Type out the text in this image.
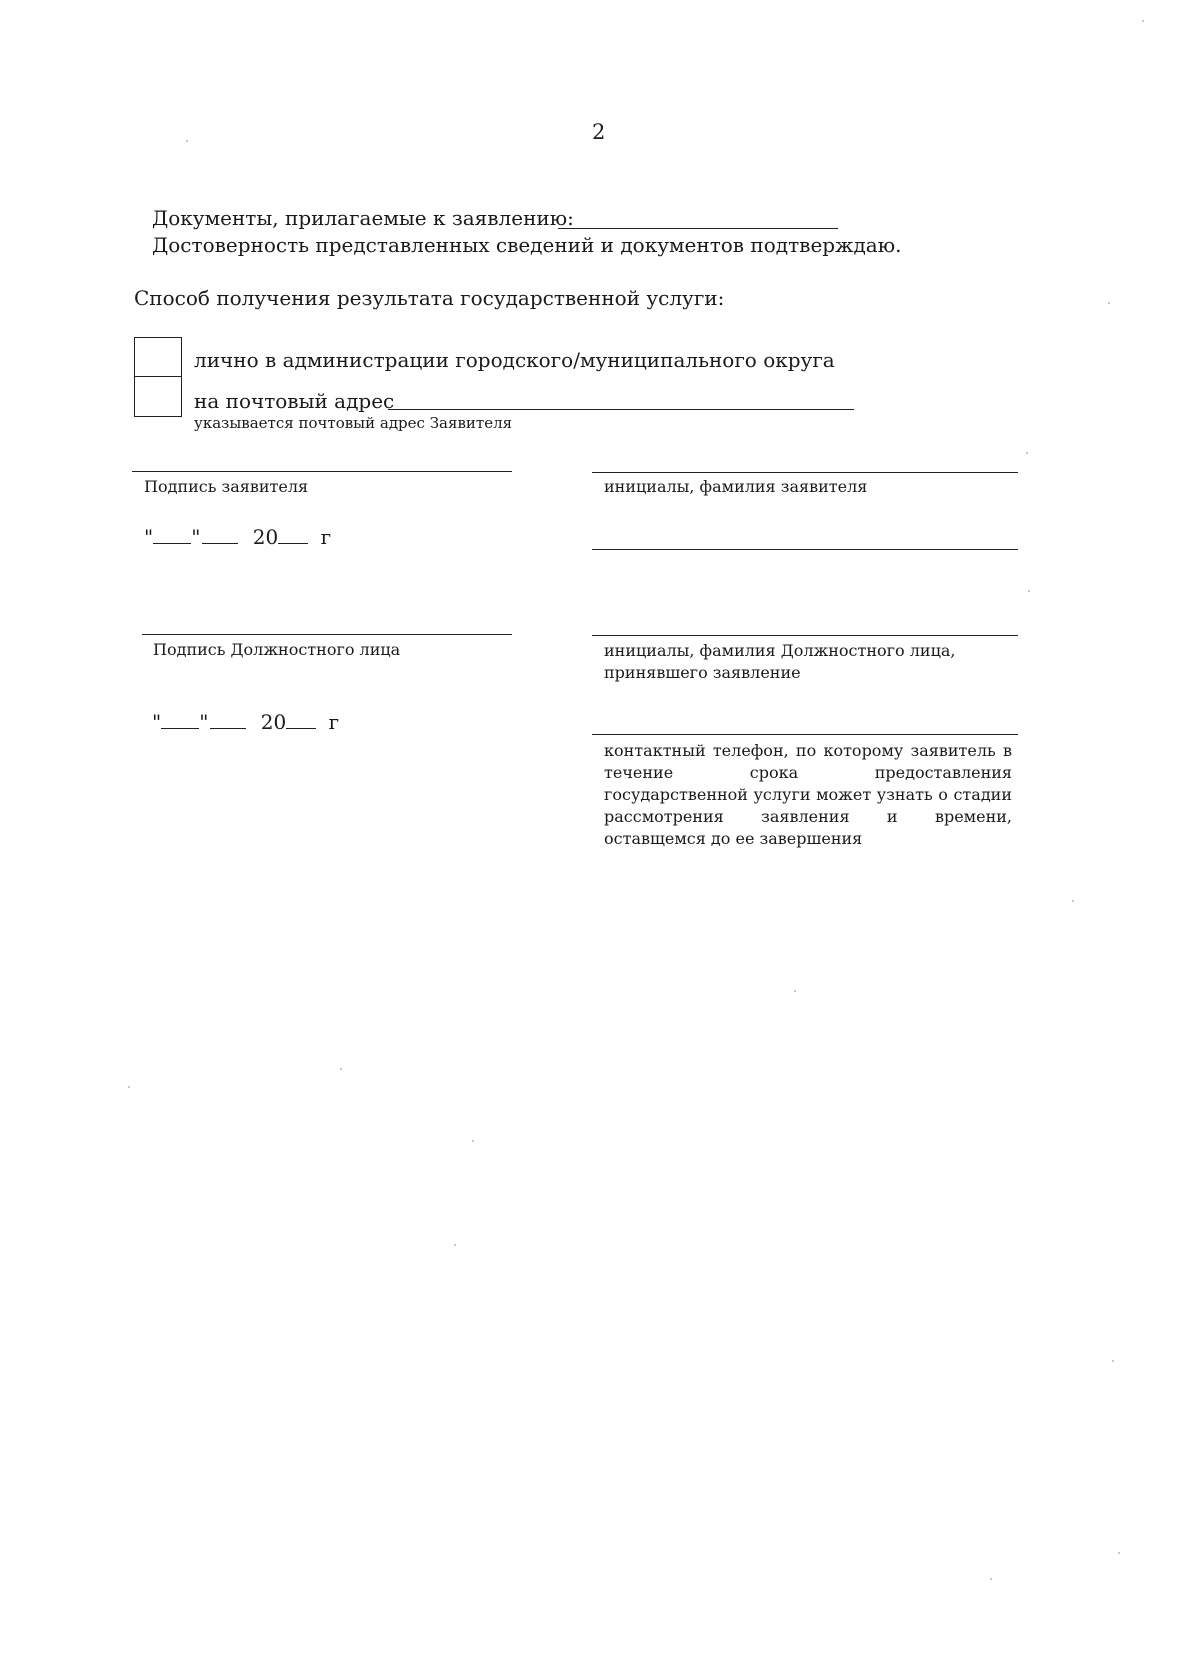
2
Документы, прилагаемые к заявлению:
Достоверность представленных сведений и документов подтверждаю.
Способ получения результата государственной услуги:
лично в администрации городского/муниципального округа
на почтовый адрес
указывается почтовый адрес Заявителя
Подпись заявителя	инициалы, фамилия заявителя
" "	20 г
Подпись Должностного лица	инициалы, фамилия Должностного лица, принявшего заявление
" "	20 г
контактный телефон, по которому заявитель в течение срока предоставления государственной услуги может узнать о стадии рассмотрения заявления и времени, оставщемся до ее завершения
